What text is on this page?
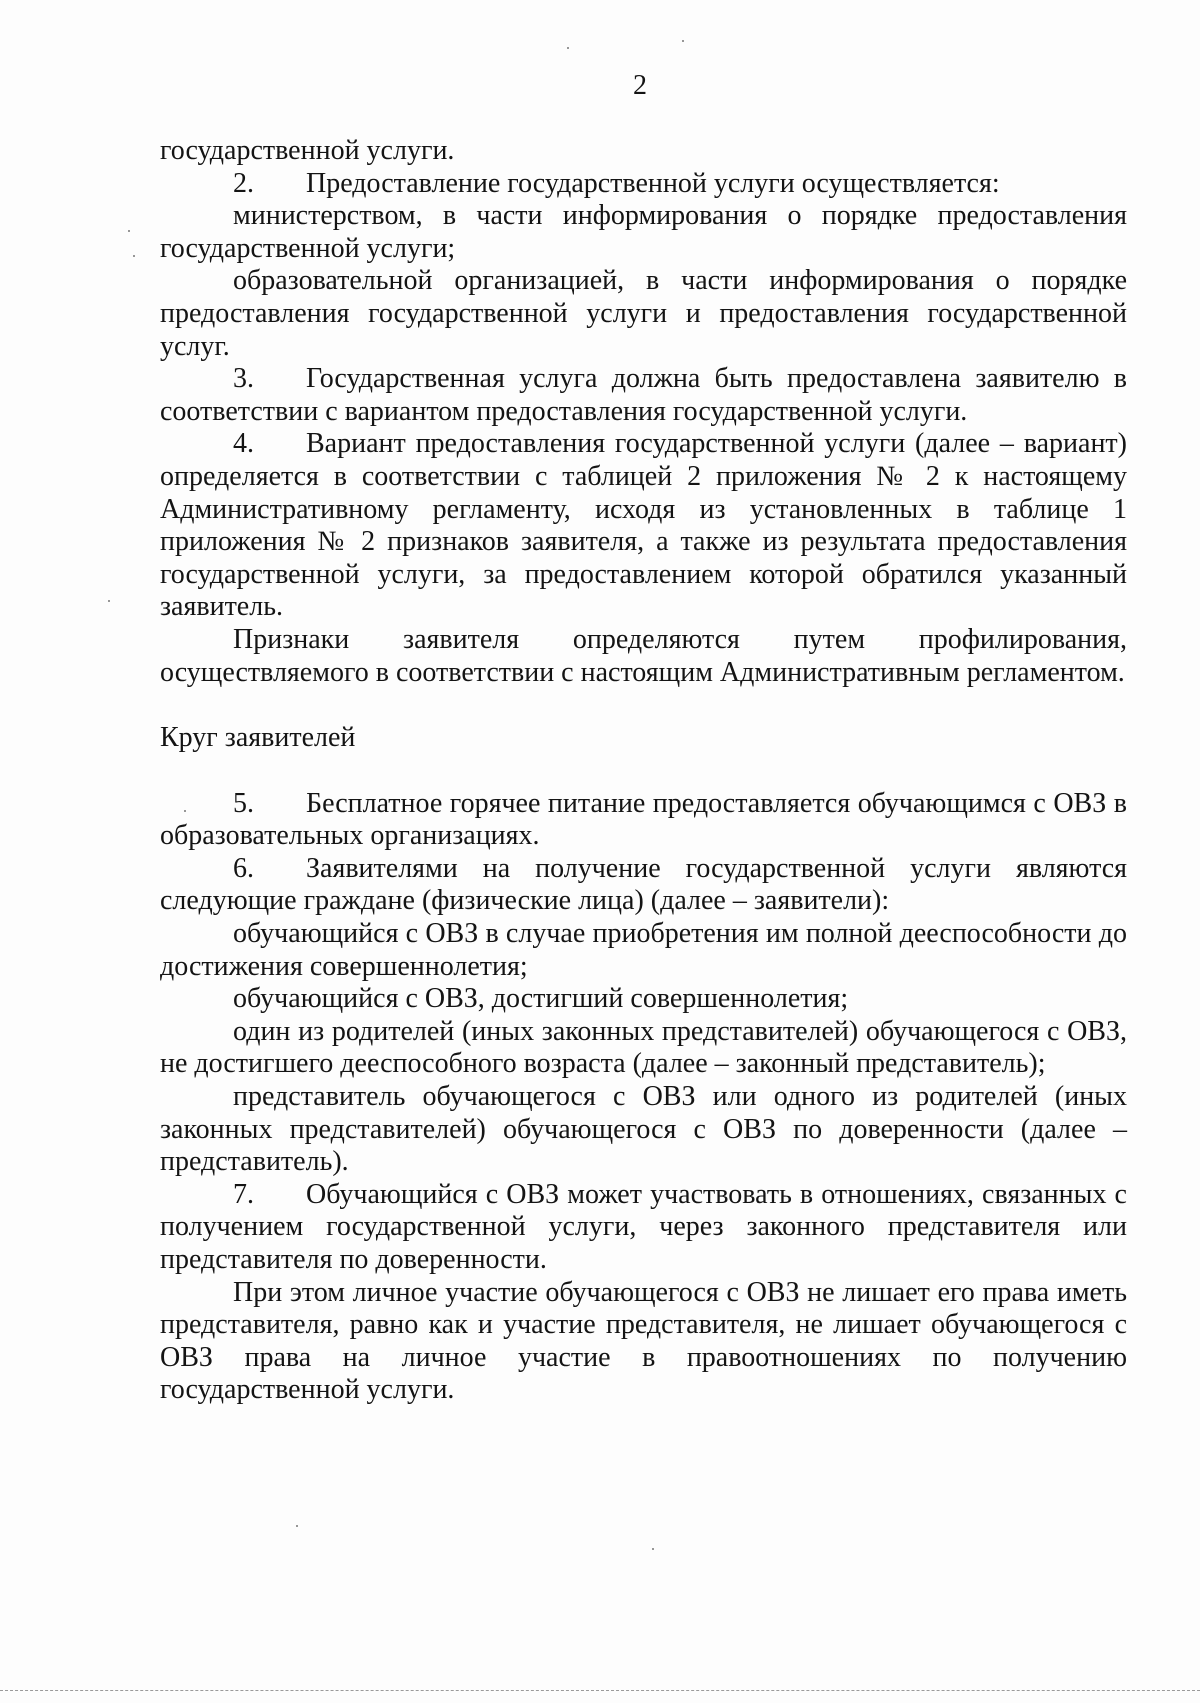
2

государственной услуги.

2. Предоставление государственной услуги осуществляется:

министерством, в части информирования о порядке предоставления государственной услуги;

образовательной организацией, в части информирования о порядке предоставления государственной услуги и предоставления государственной услуг.

3. Государственная услуга должна быть предоставлена заявителю в соответствии с вариантом предоставления государственной услуги.

4. Вариант предоставления государственной услуги (далее – вариант) определяется в соответствии с таблицей 2 приложения № 2 к настоящему Административному регламенту, исходя из установленных в таблице 1 приложения № 2 признаков заявителя, а также из результата предоставления государственной услуги, за предоставлением которой обратился указанный заявитель.

Признаки заявителя определяются путем профилирования, осуществляемого в соответствии с настоящим Административным регламентом.

Круг заявителей

5. Бесплатное горячее питание предоставляется обучающимся с ОВЗ в образовательных организациях.

6. Заявителями на получение государственной услуги являются следующие граждане (физические лица) (далее – заявители):

обучающийся с ОВЗ в случае приобретения им полной дееспособности до достижения совершеннолетия;

обучающийся с ОВЗ, достигший совершеннолетия;

один из родителей (иных законных представителей) обучающегося с ОВЗ, не достигшего дееспособного возраста (далее – законный представитель);

представитель обучающегося с ОВЗ или одного из родителей (иных законных представителей) обучающегося с ОВЗ по доверенности (далее – представитель).

7. Обучающийся с ОВЗ может участвовать в отношениях, связанных с получением государственной услуги, через законного представителя или представителя по доверенности.

При этом личное участие обучающегося с ОВЗ не лишает его права иметь представителя, равно как и участие представителя, не лишает обучающегося с ОВЗ права на личное участие в правоотношениях по получению государственной услуги.
